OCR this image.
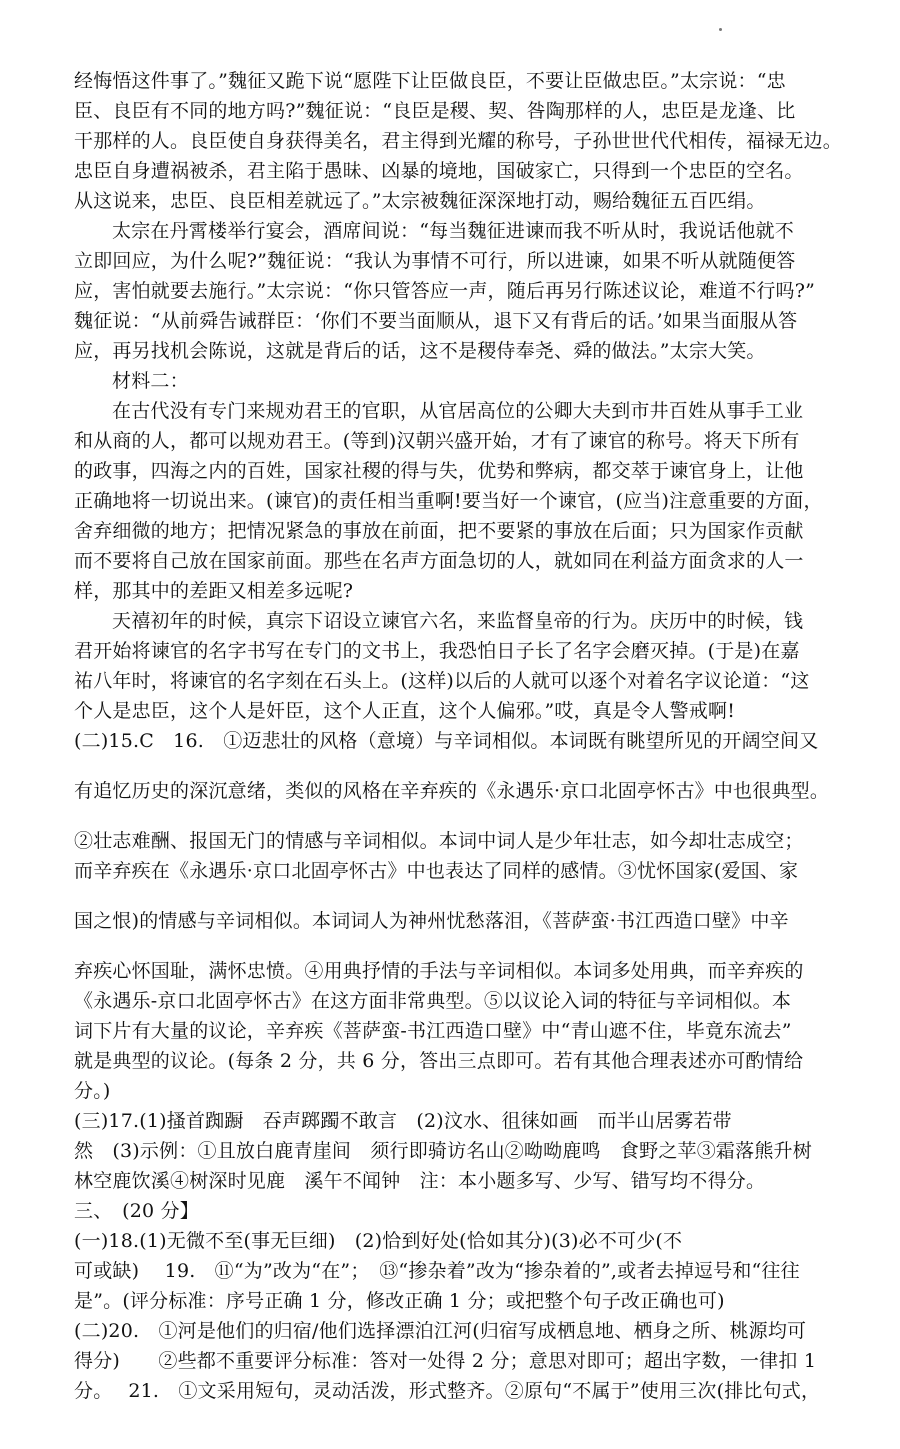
经悔悟这件事了。”魏征又跪下说“愿陛下让臣做良臣，不要让臣做忠臣。”太宗说：“忠
臣、良臣有不同的地方吗?”魏征说：“良臣是稷、契、咎陶那样的人，忠臣是龙逢、比
干那样的人。良臣使自身获得美名，君主得到光耀的称号，子孙世世代代相传，福禄无边。
忠臣自身遭祸被杀，君主陷于愚昧、凶暴的境地，国破家亡，只得到一个忠臣的空名。
从这说来，忠臣、良臣相差就远了。”太宗被魏征深深地打动，赐给魏征五百匹绢。
太宗在丹霄楼举行宴会，酒席间说：“每当魏征进谏而我不听从时，我说话他就不
立即回应，为什么呢?”魏征说：“我认为事情不可行，所以进谏，如果不听从就随便答
应，害怕就要去施行。”太宗说：“你只管答应一声，随后再另行陈述议论，难道不行吗?”
魏征说：“从前舜告诫群臣：‘你们不要当面顺从，退下又有背后的话。’如果当面服从答
应，再另找机会陈说，这就是背后的话，这不是稷侍奉尧、舜的做法。”太宗大笑。
材料二：
在古代没有专门来规劝君王的官职，从官居高位的公卿大夫到市井百姓从事手工业
和从商的人，都可以规劝君王。(等到)汉朝兴盛开始，才有了谏官的称号。将天下所有
的政事，四海之内的百姓，国家社稷的得与失，优势和弊病，都交萃于谏官身上，让他
正确地将一切说出来。(谏官)的责任相当重啊!要当好一个谏官，(应当)注意重要的方面，
舍弃细微的地方；把情况紧急的事放在前面，把不要紧的事放在后面；只为国家作贡献
而不要将自己放在国家前面。那些在名声方面急切的人，就如同在利益方面贪求的人一
样，那其中的差距又相差多远呢?
天禧初年的时候，真宗下诏设立谏官六名，来监督皇帝的行为。庆历中的时候，钱
君开始将谏官的名字书写在专门的文书上，我恐怕日子长了名字会磨灭掉。(于是)在嘉
祐八年时，将谏官的名字刻在石头上。(这样)以后的人就可以逐个对着名字议论道：“这
个人是忠臣，这个人是奸臣，这个人正直，这个人偏邪。”哎，真是令人警戒啊!
(二)15.C　16.　①迈悲壮的风格（意境）与辛词相似。本词既有眺望所见的开阔空间又
有追忆历史的深沉意绪，类似的风格在辛弃疾的《永遇乐·京口北固亭怀古》中也很典型。
②壮志难酬、报国无门的情感与辛词相似。本词中词人是少年壮志，如今却壮志成空；
而辛弃疾在《永遇乐·京口北固亭怀古》中也表达了同样的感情。③忧怀国家(爱国、家
国之恨)的情感与辛词相似。本词词人为神州忧愁落泪，《菩萨蛮·书江西造口壁》中辛
弃疾心怀国耻，满怀忠愤。④用典抒情的手法与辛词相似。本词多处用典，而辛弃疾的
《永遇乐-京口北固亭怀古》在这方面非常典型。⑤以议论入词的特征与辛词相似。本
词下片有大量的议论，辛弃疾《菩萨蛮-书江西造口壁》中“青山遮不住，毕竟东流去”
就是典型的议论。(每条 2 分，共 6 分，答出三点即可。若有其他合理表述亦可酌情给
分。)
(三)17.(1)搔首踟蹰　吞声踯躅不敢言　(2)汶水、徂徕如画　而半山居雾若带
然　(3)示例：①且放白鹿青崖间　须行即骑访名山②呦呦鹿鸣　食野之苹③霜落熊升树
林空鹿饮溪④树深时见鹿　溪午不闻钟　注：本小题多写、少写、错写均不得分。
三、　(20 分】
(一)18.(1)无微不至(事无巨细)　(2)恰到好处(恰如其分)(3)必不可少(不
可或缺)　 19.　⑪“为”改为“在”；　⑬“掺杂着”改为“掺杂着的”,或者去掉逗号和“往往
是”。(评分标准：序号正确 1 分，修改正确 1 分；或把整个句子改正确也可)
(二)20.　①河是他们的归宿/他们选择漂泊江河(归宿写成栖息地、栖身之所、桃源均可
得分)　　②些都不重要评分标准：答对一处得 2 分；意思对即可；超出字数，一律扣 1
分。　 21.　①文采用短句，灵动活泼，形式整齐。②原句“不属于”使用三次(排比句式，
